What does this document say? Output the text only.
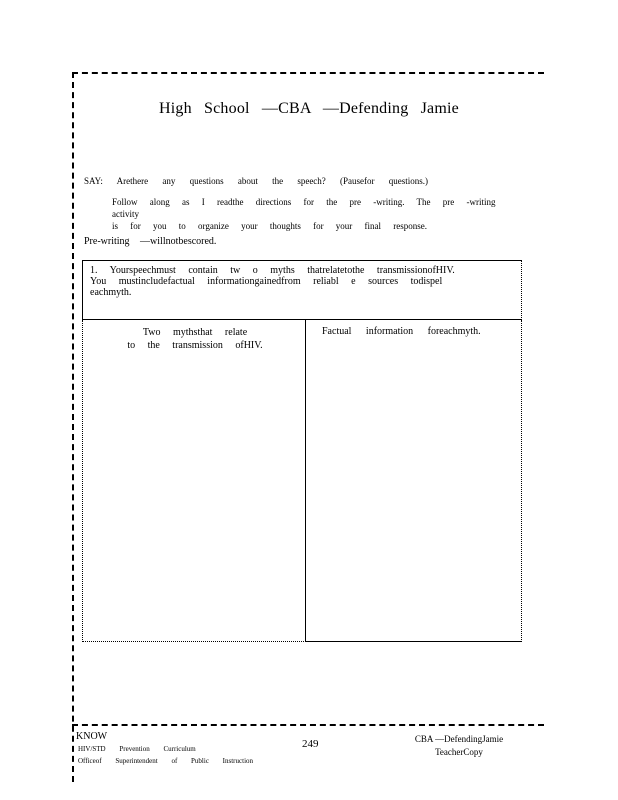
High School —CBA —Defending Jamie
SAY: Arethere any questions about the speech? (Pausefor questions.)
Follow along as I readthe directions for the pre -writing. The pre -writing activity
is for you to organize your thoughts for your final response.
Pre-writing —willnotbescored.
1. Yourspeechmust contain tw o myths thatrelatetothe transmissionofHIV.
You mustincludefactual informationgainedfrom reliabl e sources todispel
eachmyth.
Two mythsthat relate
to the transmission ofHIV.
Factual information foreachmyth.
KNOW
HIV/STD Prevention Curriculum
Officeof Superintendent of Public Instruction
249	CBA —DefendingJamie
TeacherCopy
